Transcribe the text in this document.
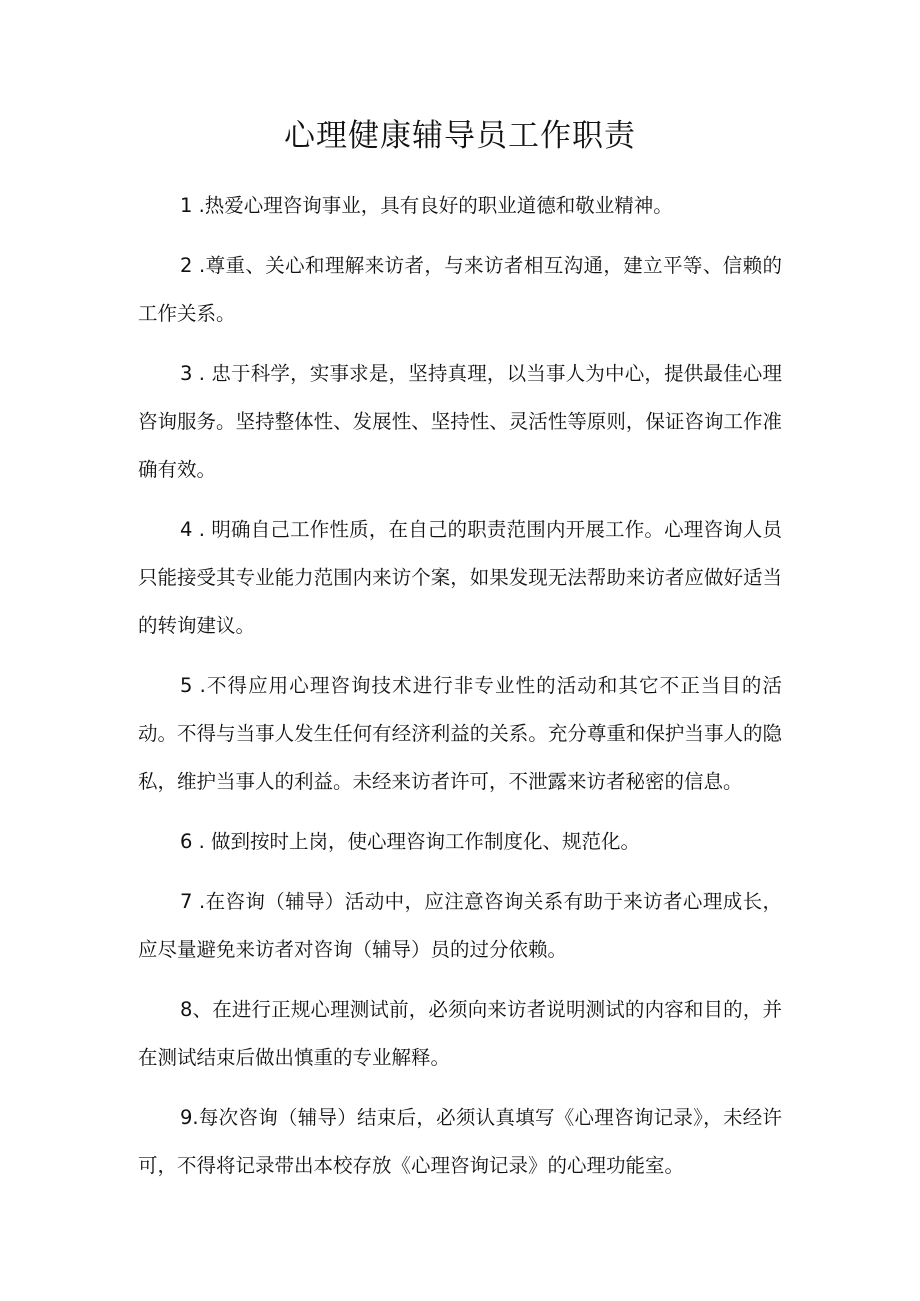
心理健康辅导员工作职责

1 .热爱心理咨询事业，具有良好的职业道德和敬业精神。

2 .尊重、关心和理解来访者，与来访者相互沟通，建立平等、信赖的工作关系。

3 . 忠于科学，实事求是，坚持真理，以当事人为中心，提供最佳心理咨询服务。坚持整体性、发展性、坚持性、灵活性等原则，保证咨询工作准确有效。

4 . 明确自己工作性质，在自己的职责范围内开展工作。心理咨询人员只能接受其专业能力范围内来访个案，如果发现无法帮助来访者应做好适当的转询建议。

5 .不得应用心理咨询技术进行非专业性的活动和其它不正当目的活动。不得与当事人发生任何有经济利益的关系。充分尊重和保护当事人的隐私，维护当事人的利益。未经来访者许可，不泄露来访者秘密的信息。

6 . 做到按时上岗，使心理咨询工作制度化、规范化。

7 .在咨询（辅导）活动中，应注意咨询关系有助于来访者心理成长，应尽量避免来访者对咨询（辅导）员的过分依赖。

8、在进行正规心理测试前，必须向来访者说明测试的内容和目的，并在测试结束后做出慎重的专业解释。

9.每次咨询（辅导）结束后，必须认真填写《心理咨询记录》，未经许可，不得将记录带出本校存放《心理咨询记录》的心理功能室。
